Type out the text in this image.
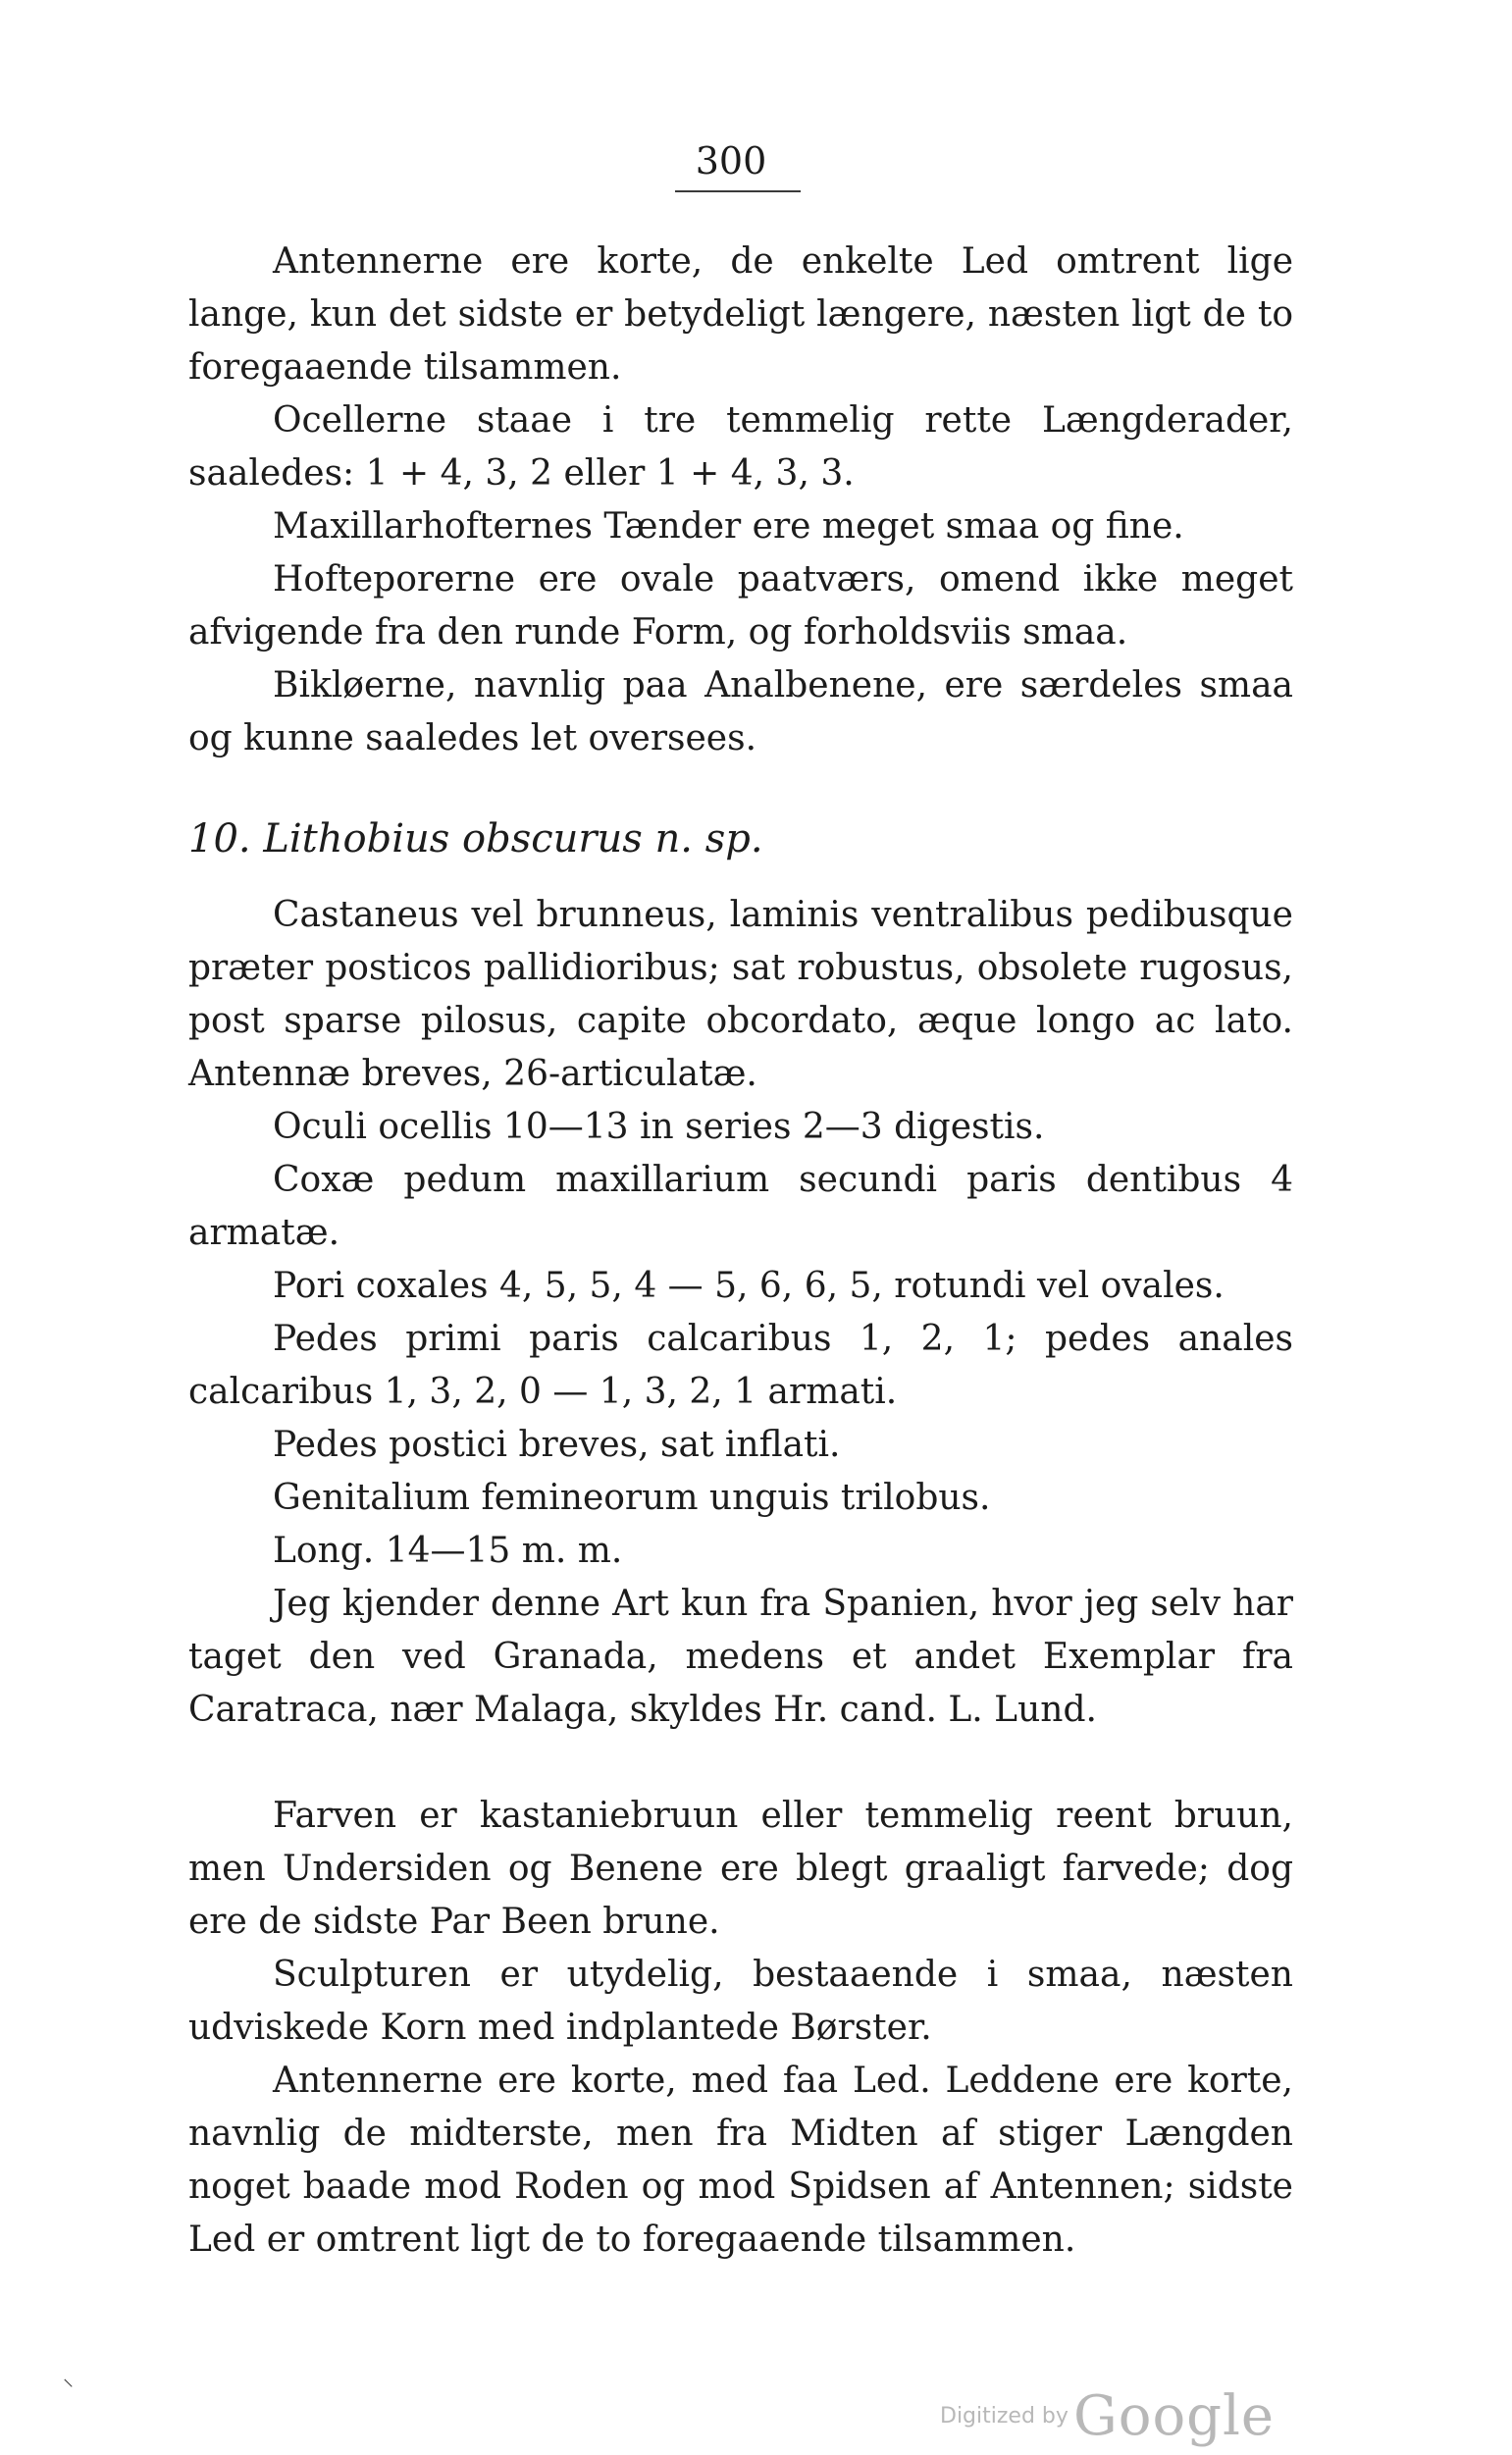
300

Antennerne ere korte, de enkelte Led omtrent lige lange, kun det sidste er betydeligt længere, næsten ligt de to foregaaende tilsammen.

Ocellerne staae i tre temmelig rette Længderader, saaledes: 1 + 4, 3, 2 eller 1 + 4, 3, 3.

Maxillarhofternes Tænder ere meget smaa og fine.

Hofteporerne ere ovale paatværs, omend ikke meget afvigende fra den runde Form, og forholdsviis smaa.

Bikløerne, navnlig paa Analbenene, ere særdeles smaa og kunne saaledes let oversees.

10. Lithobius obscurus n. sp.

Castaneus vel brunneus, laminis ventralibus pedibusque præter posticos pallidioribus; sat robustus, obsolete rugosus, post sparse pilosus, capite obcordato, æque longo ac lato. Antennæ breves, 26-articulatæ.

Oculi ocellis 10—13 in series 2—3 digestis.

Coxæ pedum maxillarium secundi paris dentibus 4 armatæ.

Pori coxales 4, 5, 5, 4 — 5, 6, 6, 5, rotundi vel ovales.

Pedes primi paris calcaribus 1, 2, 1; pedes anales calcaribus 1, 3, 2, 0 — 1, 3, 2, 1 armati.

Pedes postici breves, sat inflati.

Genitalium femineorum unguis trilobus.

Long. 14—15 m. m.

Jeg kjender denne Art kun fra Spanien, hvor jeg selv har taget den ved Granada, medens et andet Exemplar fra Caratraca, nær Malaga, skyldes Hr. cand. L. Lund.

Farven er kastaniebruun eller temmelig reent bruun, men Undersiden og Benene ere blegt graaligt farvede; dog ere de sidste Par Been brune.

Sculpturen er utydelig, bestaaende i smaa, næsten udviskede Korn med indplantede Børster.

Antennerne ere korte, med faa Led. Leddene ere korte, navnlig de midterste, men fra Midten af stiger Længden noget baade mod Roden og mod Spidsen af Antennen; sidste Led er omtrent ligt de to foregaaende tilsammen.

⸜
Digitized by Google
